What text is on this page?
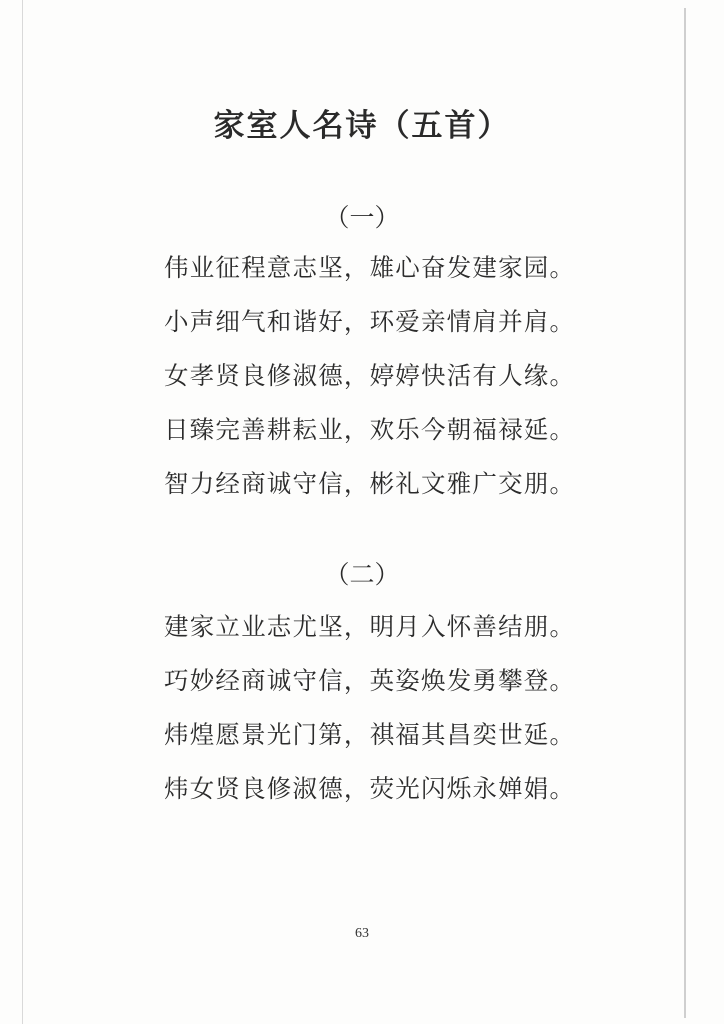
家室人名诗（五首）
（一）
伟业征程意志坚，雄心奋发建家园。
小声细气和谐好，环爱亲情肩并肩。
女孝贤良修淑德，婷婷快活有人缘。
日臻完善耕耘业，欢乐今朝福禄延。
智力经商诚守信，彬礼文雅广交朋。
（二）
建家立业志尤坚，明月入怀善结朋。
巧妙经商诚守信，英姿焕发勇攀登。
炜煌愿景光门第，祺福其昌奕世延。
炜女贤良修淑德，荧光闪烁永婵娟。
63
